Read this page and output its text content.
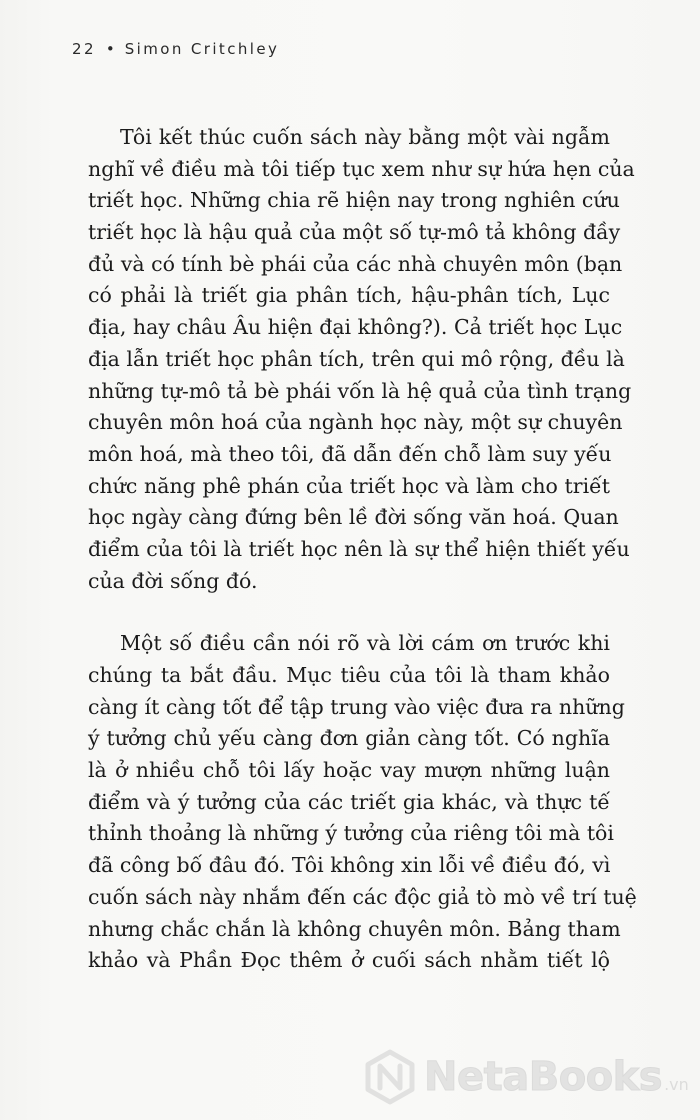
22 • Simon Critchley
Tôi kết thúc cuốn sách này bằng một vài ngẫm
nghĩ về điều mà tôi tiếp tục xem như sự hứa hẹn của
triết học. Những chia rẽ hiện nay trong nghiên cứu
triết học là hậu quả của một số tự-mô tả không đầy
đủ và có tính bè phái của các nhà chuyên môn (bạn
có phải là triết gia phân tích, hậu-phân tích, Lục
địa, hay châu Âu hiện đại không?). Cả triết học Lục
địa lẫn triết học phân tích, trên qui mô rộng, đều là
những tự-mô tả bè phái vốn là hệ quả của tình trạng
chuyên môn hoá của ngành học này, một sự chuyên
môn hoá, mà theo tôi, đã dẫn đến chỗ làm suy yếu
chức năng phê phán của triết học và làm cho triết
học ngày càng đứng bên lề đời sống văn hoá. Quan
điểm của tôi là triết học nên là sự thể hiện thiết yếu
của đời sống đó.
Một số điều cần nói rõ và lời cám ơn trước khi
chúng ta bắt đầu. Mục tiêu của tôi là tham khảo
càng ít càng tốt để tập trung vào việc đưa ra những
ý tưởng chủ yếu càng đơn giản càng tốt. Có nghĩa
là ở nhiều chỗ tôi lấy hoặc vay mượn những luận
điểm và ý tưởng của các triết gia khác, và thực tế
thỉnh thoảng là những ý tưởng của riêng tôi mà tôi
đã công bố đâu đó. Tôi không xin lỗi về điều đó, vì
cuốn sách này nhắm đến các độc giả tò mò về trí tuệ
nhưng chắc chắn là không chuyên môn. Bảng tham
khảo và Phần Đọc thêm ở cuối sách nhằm tiết lộ
NetaBooks .vn
